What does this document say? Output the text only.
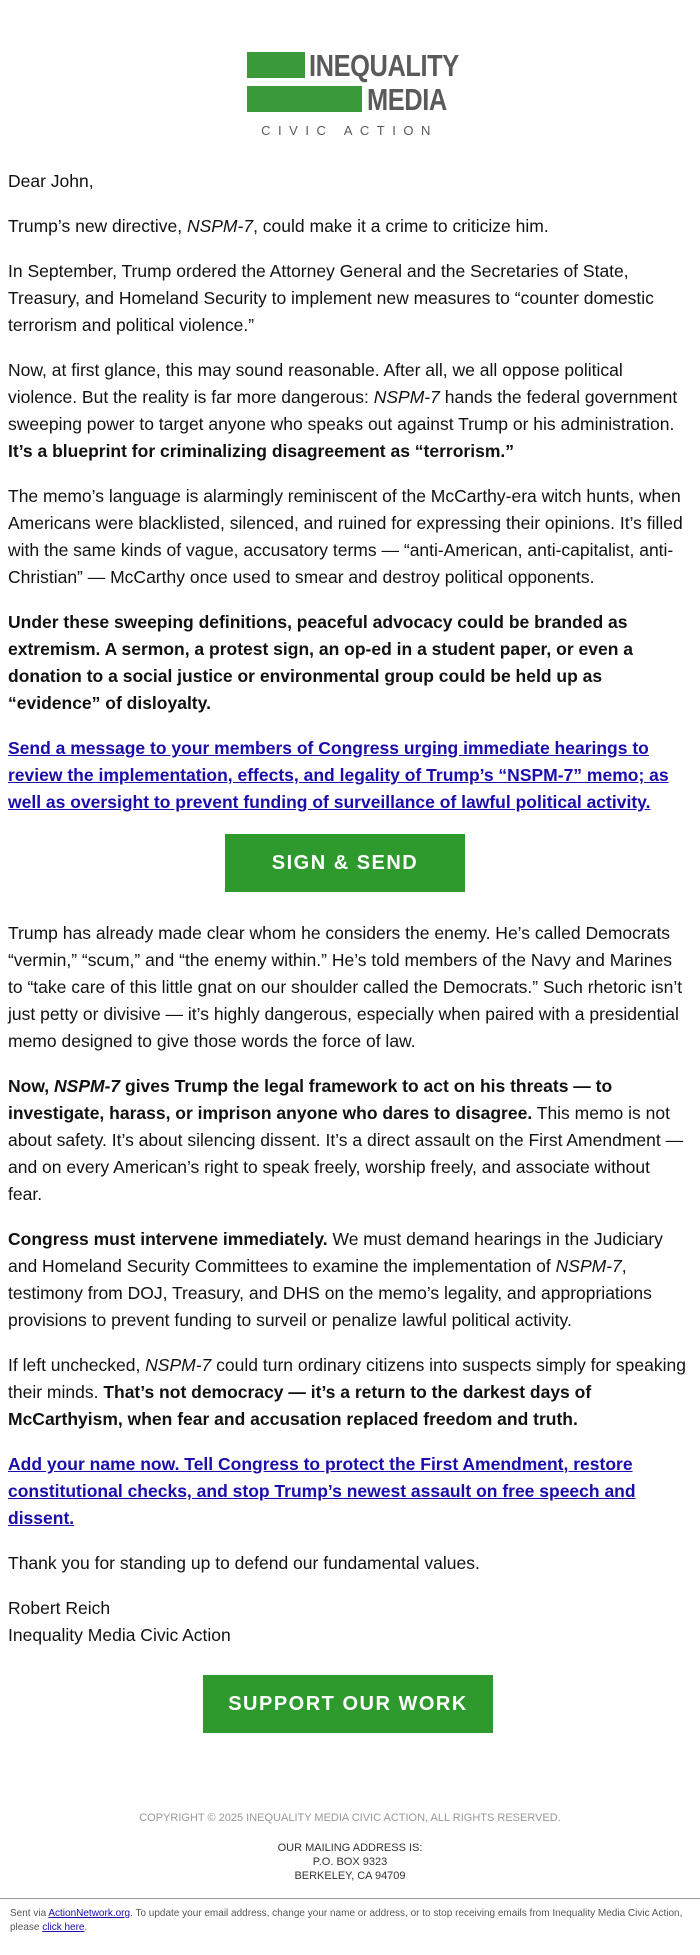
INEQUALITY
MEDIA
CIVIC ACTION

Dear John,

Trump’s new directive, NSPM-7, could make it a crime to criticize him.

In September, Trump ordered the Attorney General and the Secretaries of State, Treasury, and Homeland Security to implement new measures to “counter domestic terrorism and political violence.”

Now, at first glance, this may sound reasonable. After all, we all oppose political violence. But the reality is far more dangerous: NSPM-7 hands the federal government sweeping power to target anyone who speaks out against Trump or his administration. It’s a blueprint for criminalizing disagreement as “terrorism.”

The memo’s language is alarmingly reminiscent of the McCarthy-era witch hunts, when Americans were blacklisted, silenced, and ruined for expressing their opinions. It’s filled with the same kinds of vague, accusatory terms — “anti-American, anti-capitalist, anti-Christian” — McCarthy once used to smear and destroy political opponents.

Under these sweeping definitions, peaceful advocacy could be branded as extremism. A sermon, a protest sign, an op-ed in a student paper, or even a donation to a social justice or environmental group could be held up as “evidence” of disloyalty.

Send a message to your members of Congress urging immediate hearings to review the implementation, effects, and legality of Trump’s “NSPM-7” memo; as well as oversight to prevent funding of surveillance of lawful political activity.

SIGN & SEND

Trump has already made clear whom he considers the enemy. He’s called Democrats “vermin,” “scum,” and “the enemy within.” He’s told members of the Navy and Marines to “take care of this little gnat on our shoulder called the Democrats.” Such rhetoric isn’t just petty or divisive — it’s highly dangerous, especially when paired with a presidential memo designed to give those words the force of law.

Now, NSPM-7 gives Trump the legal framework to act on his threats — to investigate, harass, or imprison anyone who dares to disagree. This memo is not about safety. It’s about silencing dissent. It’s a direct assault on the First Amendment — and on every American’s right to speak freely, worship freely, and associate without fear.

Congress must intervene immediately. We must demand hearings in the Judiciary and Homeland Security Committees to examine the implementation of NSPM-7, testimony from DOJ, Treasury, and DHS on the memo’s legality, and appropriations provisions to prevent funding to surveil or penalize lawful political activity.

If left unchecked, NSPM-7 could turn ordinary citizens into suspects simply for speaking their minds. That’s not democracy — it’s a return to the darkest days of McCarthyism, when fear and accusation replaced freedom and truth.

Add your name now. Tell Congress to protect the First Amendment, restore constitutional checks, and stop Trump’s newest assault on free speech and dissent.

Thank you for standing up to defend our fundamental values.

Robert Reich
Inequality Media Civic Action

SUPPORT OUR WORK
COPYRIGHT © 2025 INEQUALITY MEDIA CIVIC ACTION, ALL RIGHTS RESERVED.
OUR MAILING ADDRESS IS:
P.O. BOX 9323
BERKELEY, CA 94709
Sent via ActionNetwork.org. To update your email address, change your name or address, or to stop receiving emails from Inequality Media Civic Action, please click here.
